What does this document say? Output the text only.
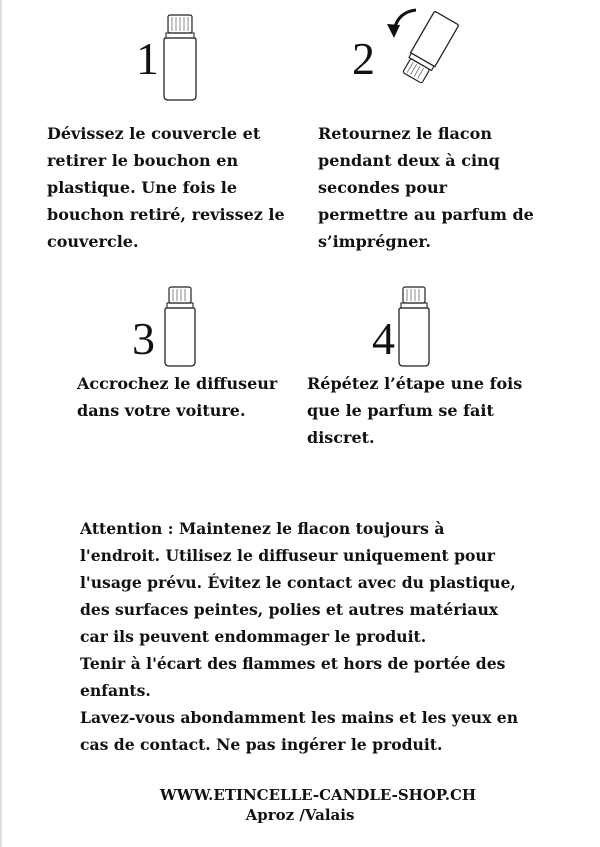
1
Dévissez le couvercle et
retirer le bouchon en
plastique. Une fois le
bouchon retiré, revissez le
couvercle.
2
Retournez le flacon
pendant deux à cinq
secondes pour
permettre au parfum de
s’imprégner.
3
Accrochez le diffuseur
dans votre voiture.
4
Répétez l’étape une fois
que le parfum se fait
discret.

Attention : Maintenez le flacon toujours à
l'endroit. Utilisez le diffuseur uniquement pour
l'usage prévu. Évitez le contact avec du plastique,
des surfaces peintes, polies et autres matériaux
car ils peuvent endommager le produit.

Tenir à l'écart des flammes et hors de portée des
enfants.

Lavez-vous abondamment les mains et les yeux en
cas de contact. Ne pas ingérer le produit.

WWW.ETINCELLE-CANDLE-SHOP.CH
Aproz /Valais
